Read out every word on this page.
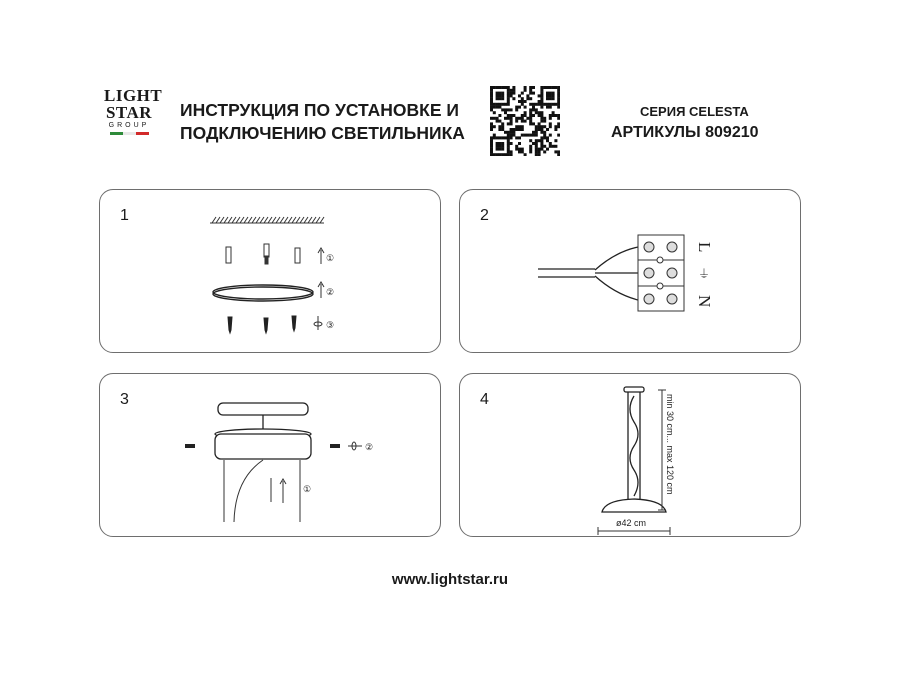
LIGHT
STAR
GROUP
ИНСТРУКЦИЯ ПО УСТАНОВКЕ И
ПОДКЛЮЧЕНИЮ СВЕТИЛЬНИКА
СЕРИЯ CELESTA
АРТИКУЛЫ 809210
1
①
②
③
2
L
⏚
N
3
①
②
4	min 30 cm... max 120 cm
ø42 cm
www.lightstar.ru
